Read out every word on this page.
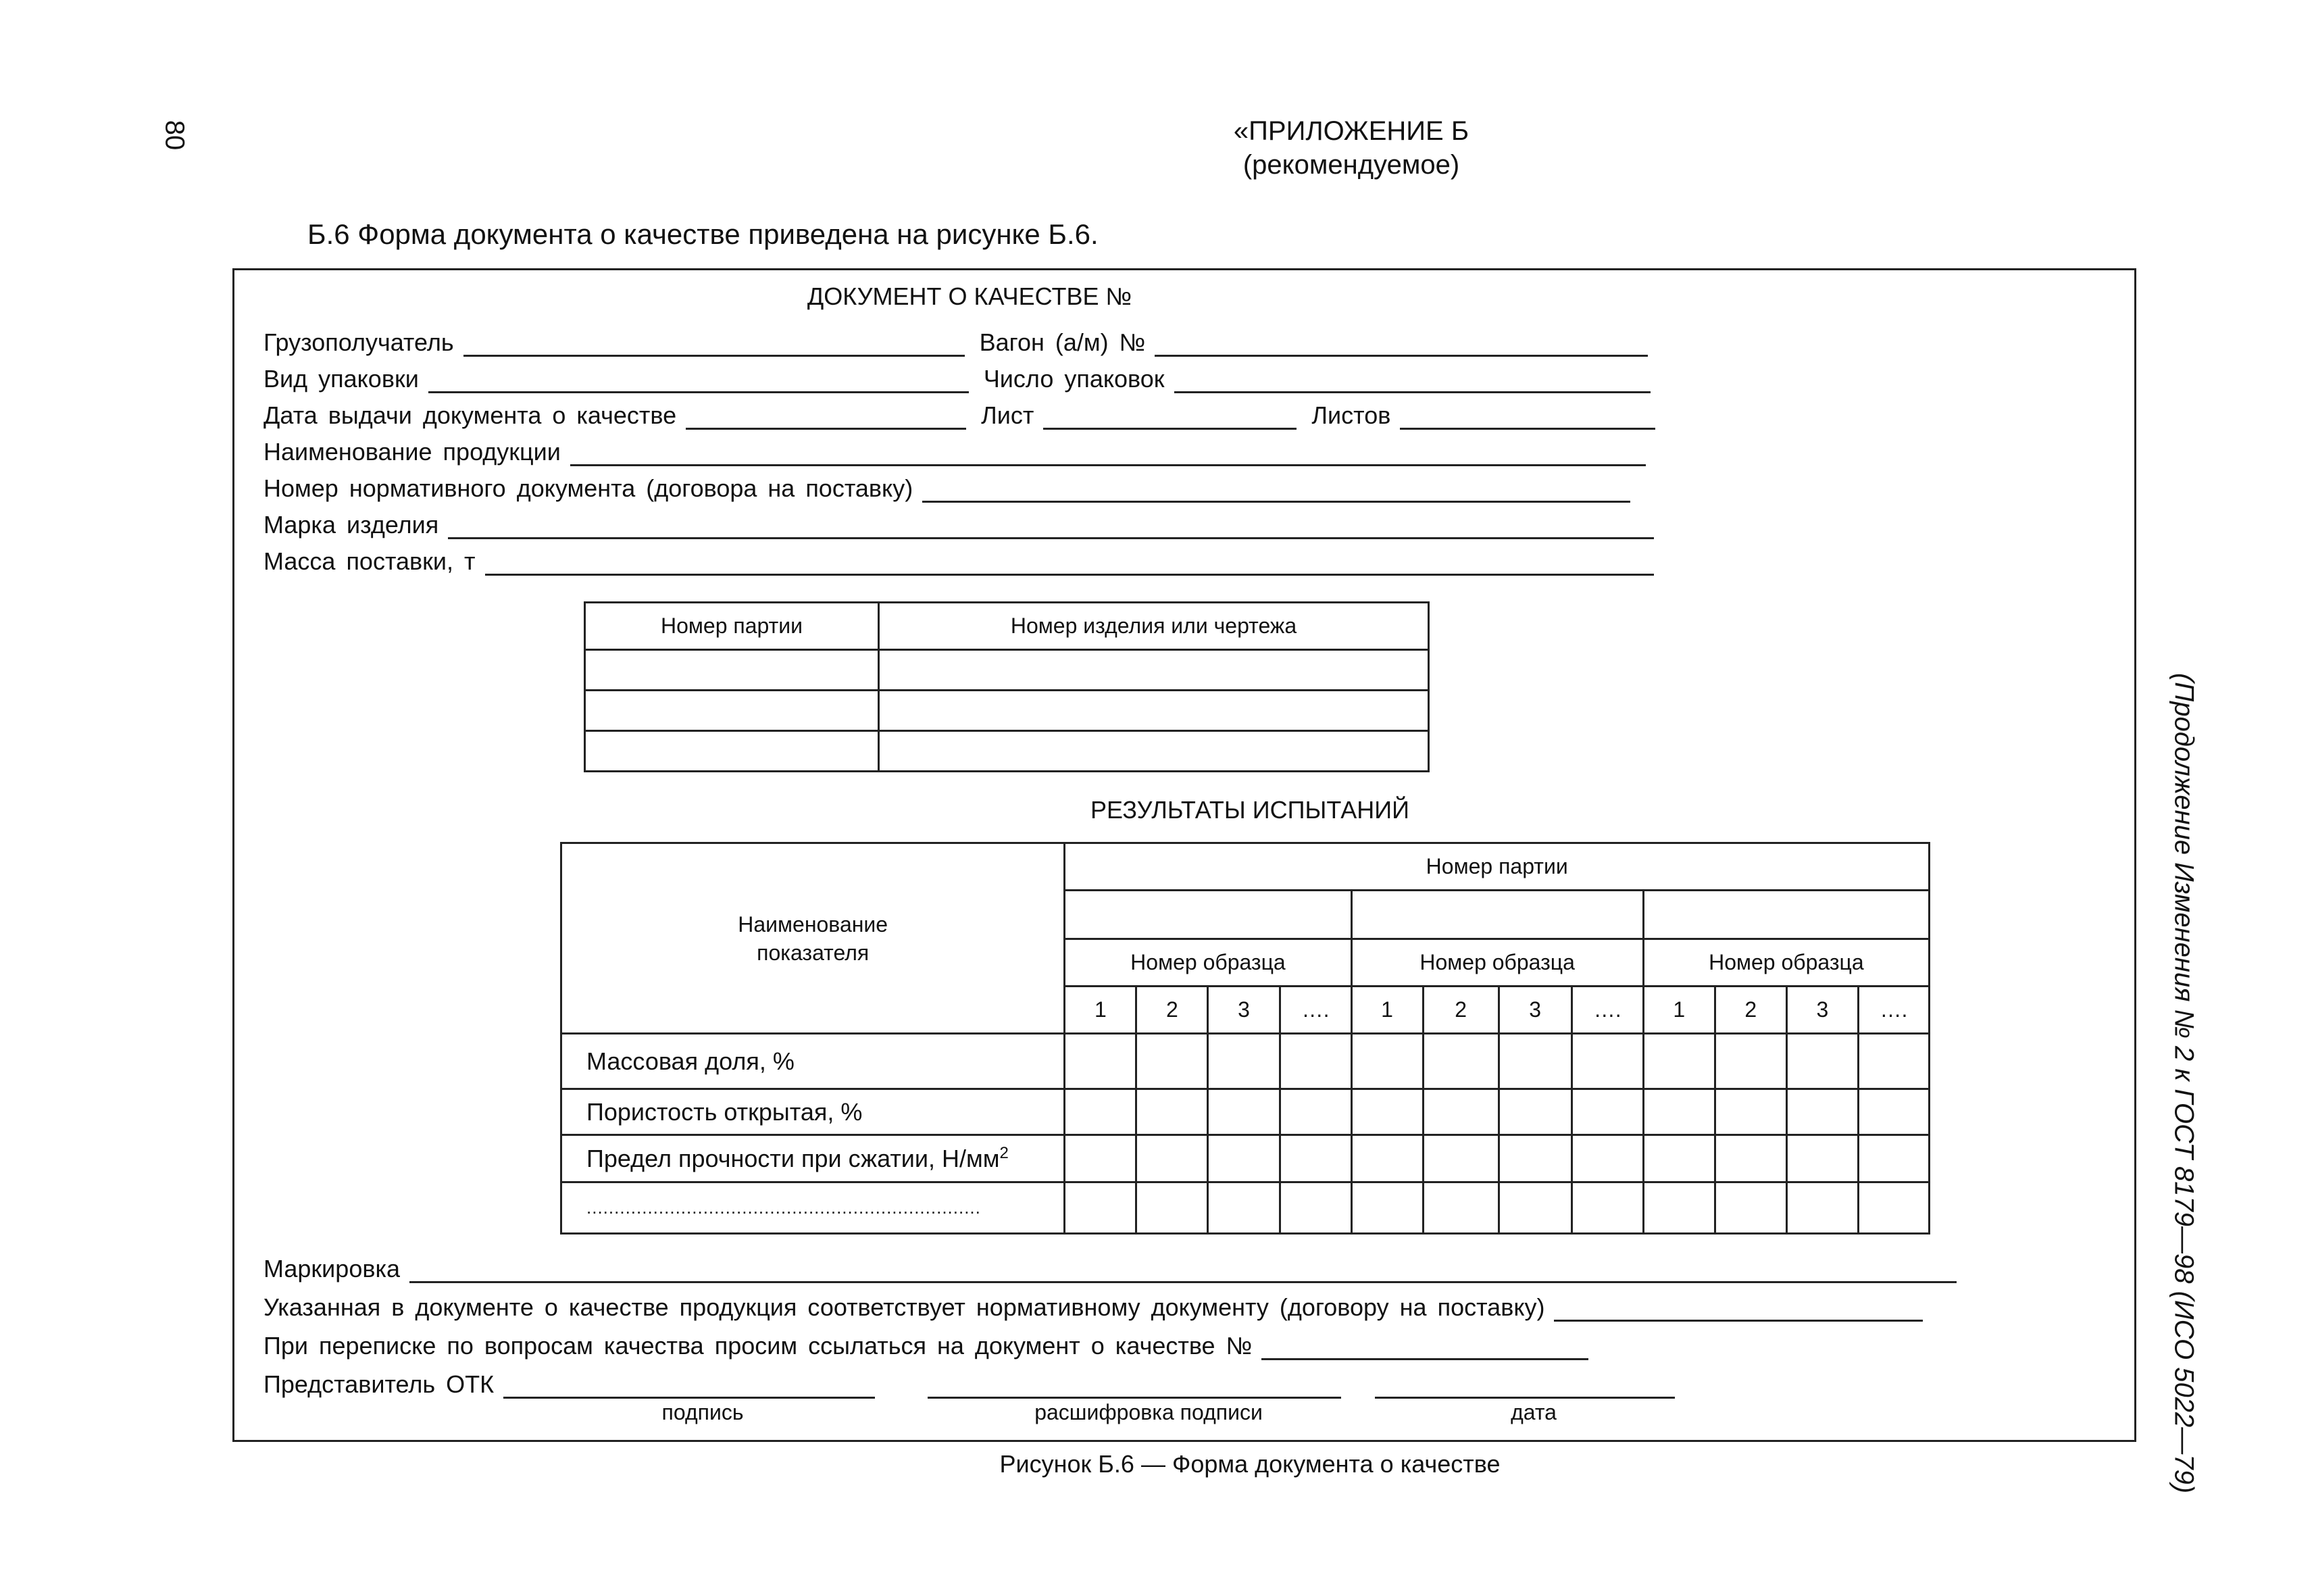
80
(Продолжение Изменения № 2 к ГОСТ 8179—98 (ИСО 5022—79)
«ПРИЛОЖЕНИЕ Б
(рекомендуемое)
Б.6 Форма документа о качестве приведена на рисунке Б.6.
ДОКУМЕНТ О КАЧЕСТВЕ №
Грузополучатель	Вагон (а/м) №
Вид упаковки	Число упаковок
Дата выдачи документа о качестве	Лист	Листов
Наименование продукции
Номер нормативного документа (договора на поставку)
Марка изделия
Масса поставки, т
Номер партии	Номер изделия или чертежа

РЕЗУЛЬТАТЫ ИСПЫТАНИЙ
Наименование показателя	Номер партии											

	Номер образца				Номер образца				Номер образца			
	1	2	3	….	1	2	3	….	1	2	3	….
Массовая доля, %												
Пористость открытая, %												
Предел прочности при сжатии, $Н/мм^2$												
.......................................................................												
Маркировка
Указанная в документе о качестве продукция соответствует нормативному документу (договору на поставку)
При переписке по вопросам качества просим ссылаться на документ о качестве №
Представитель ОТК
подпись	расшифровка подписи	дата
Рисунок Б.6 — Форма документа о качестве
